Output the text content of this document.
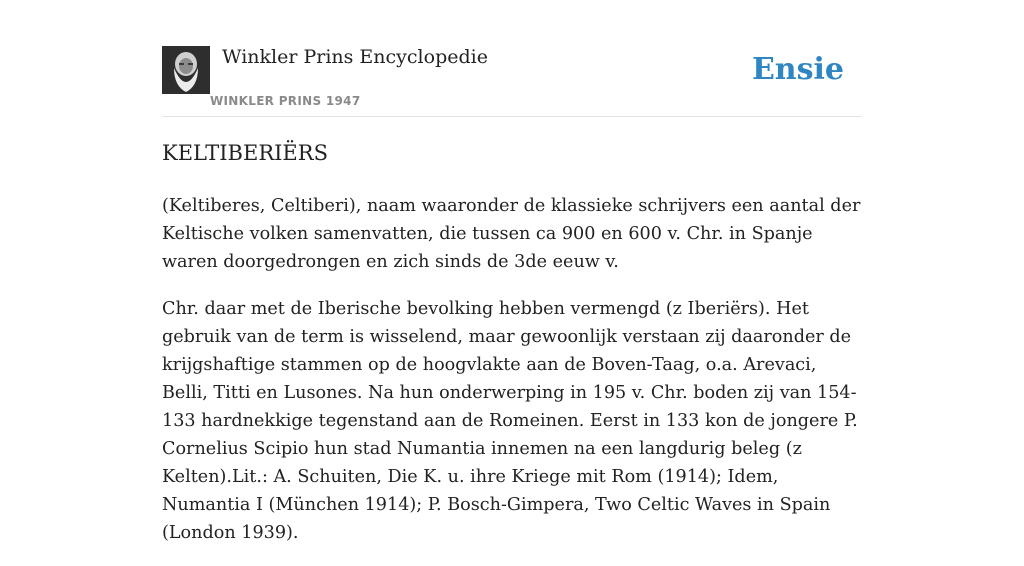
Winkler Prins Encyclopedie
WINKLER PRINS 1947
Ensie
KELTIBERIËRS

(Keltiberes, Celtiberi), naam waaronder de klassieke schrijvers een aantal der Keltische volken samenvatten, die tussen ca 900 en 600 v. Chr. in Spanje waren doorgedrongen en zich sinds de 3de eeuw v.

Chr. daar met de Iberische bevolking hebben vermengd (z Iberiërs). Het gebruik van de term is wisselend, maar gewoonlijk verstaan zij daaronder de krijgshaftige stammen op de hoogvlakte aan de Boven-Taag, o.a. Arevaci, Belli, Titti en Lusones. Na hun onderwerping in 195 v. Chr. boden zij van 154-133 hardnekkige tegenstand aan de Romeinen. Eerst in 133 kon de jongere P. Cornelius Scipio hun stad Numantia innemen na een langdurig beleg (z Kelten).Lit.: A. Schuiten, Die K. u. ihre Kriege mit Rom (1914); Idem, Numantia I (München 1914); P. Bosch-Gimpera, Two Celtic Waves in Spain (London 1939).
